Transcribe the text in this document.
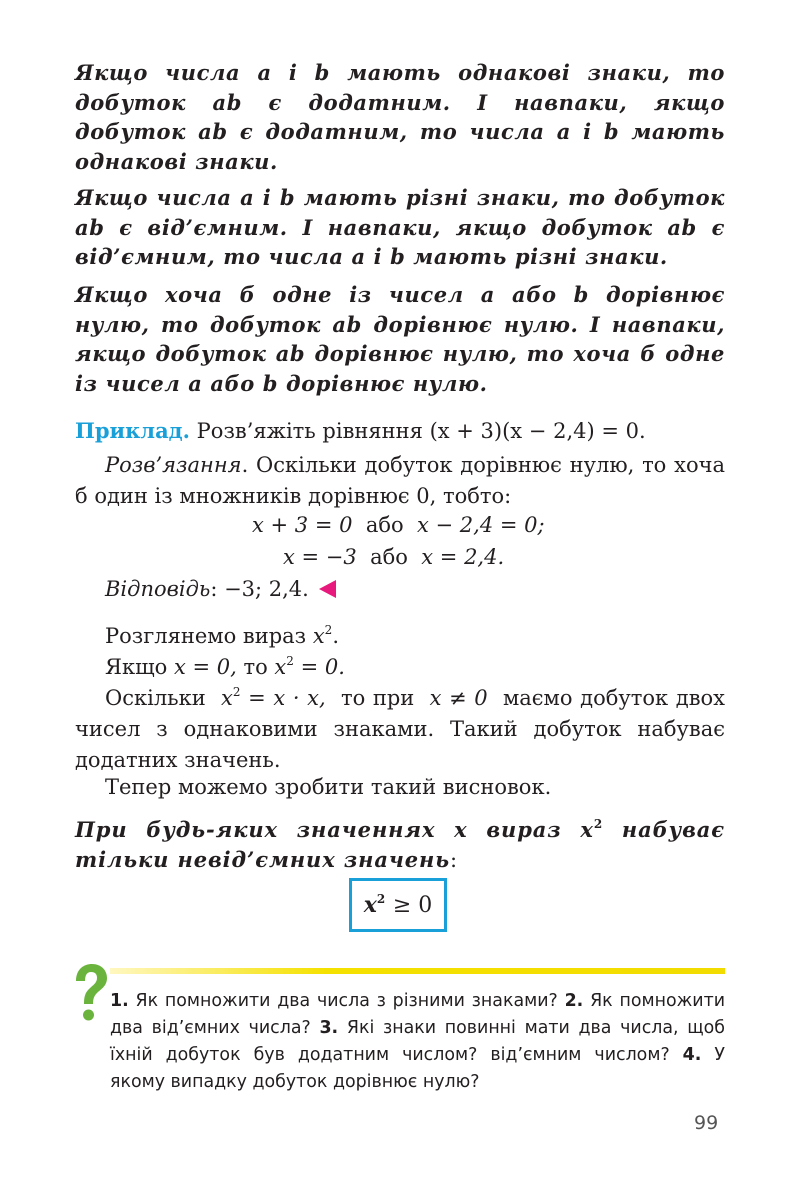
Якщо числа a і b мають однакові знаки, то добуток ab є додатним. І навпаки, якщо добуток ab є додатним, то числа a і b мають однакові знаки.

Якщо числа a і b мають різні знаки, то добуток ab є від’ємним. І навпаки, якщо добуток ab є від’ємним, то числа a і b мають різні знаки.

Якщо хоча б одне із чисел a або b дорівнює нулю, то добуток ab дорівнює нулю. І навпаки, якщо добуток ab дорівнює нулю, то хоча б одне із чисел a або b дорівнює нулю.

Приклад. Розв’яжіть рівняння (x + 3)(x − 2,4) = 0.

Розв’язання. Оскільки добуток дорівнює нулю, то хоча б один із множників дорівнює 0, тобто:

x + 3 = 0 або x − 2,4 = 0;

x = −3 або x = 2,4.

Відповідь: −3; 2,4.

Розглянемо вираз $x^2$.

Якщо x = 0, то $x^2 = 0$.

Оскільки $x^2 = x \cdot x$, то при x ≠ 0 маємо добуток двох чисел з однаковими знаками. Такий добуток набуває додатних значень.

Тепер можемо зробити такий висновок.

При будь-яких значеннях x вираз $x^2$ набуває тільки невід’ємних значень:

$x^2$
≥ 0

1. Як помножити два числа з різними знаками? 2. Як помножити два від’ємних числа? 3. Які знаки повинні мати два числа, щоб їхній добуток був додатним числом? від’ємним числом? 4. У якому випадку добуток дорівнює нулю?

99
